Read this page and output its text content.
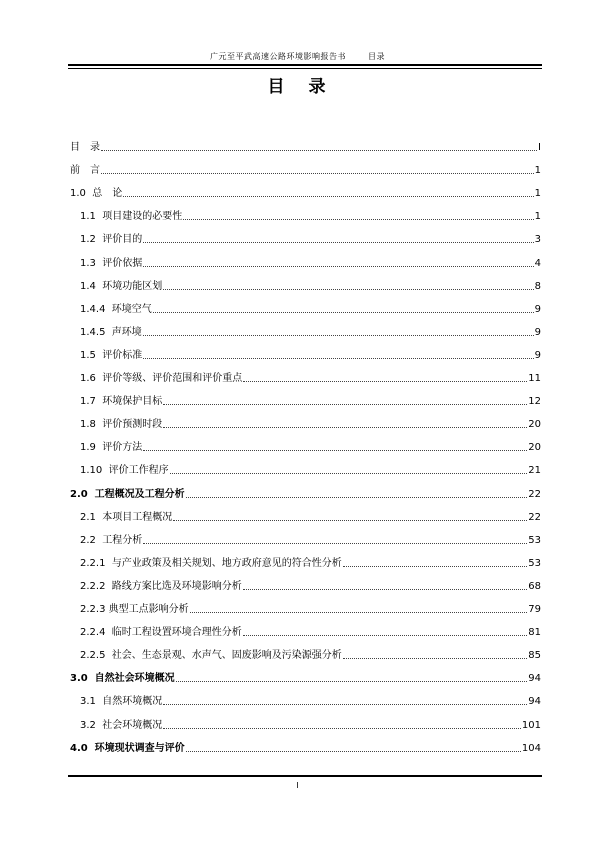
广元至平武高速公路环境影响报告书	目录
目 录
目　录	I
前　言	1
1.0  总　论	1
1.1  项目建设的必要性	1
1.2  评价目的	3
1.3  评价依据	4
1.4  环境功能区划	8
1.4.4  环境空气	9
1.4.5  声环境	9
1.5  评价标准	9
1.6  评价等级、评价范围和评价重点	11
1.7  环境保护目标	12
1.8  评价预测时段	20
1.9  评价方法	20
1.10  评价工作程序	21
2.0  工程概况及工程分析	22
2.1  本项目工程概况	22
2.2  工程分析	53
2.2.1  与产业政策及相关规划、地方政府意见的符合性分析	53
2.2.2  路线方案比选及环境影响分析	68
2.2.3 典型工点影响分析	79
2.2.4  临时工程设置环境合理性分析	81
2.2.5  社会、生态景观、水声气、固废影响及污染源强分析	85
3.0  自然社会环境概况	94
3.1  自然环境概况	94
3.2  社会环境概况	101
4.0  环境现状调查与评价	104
I
